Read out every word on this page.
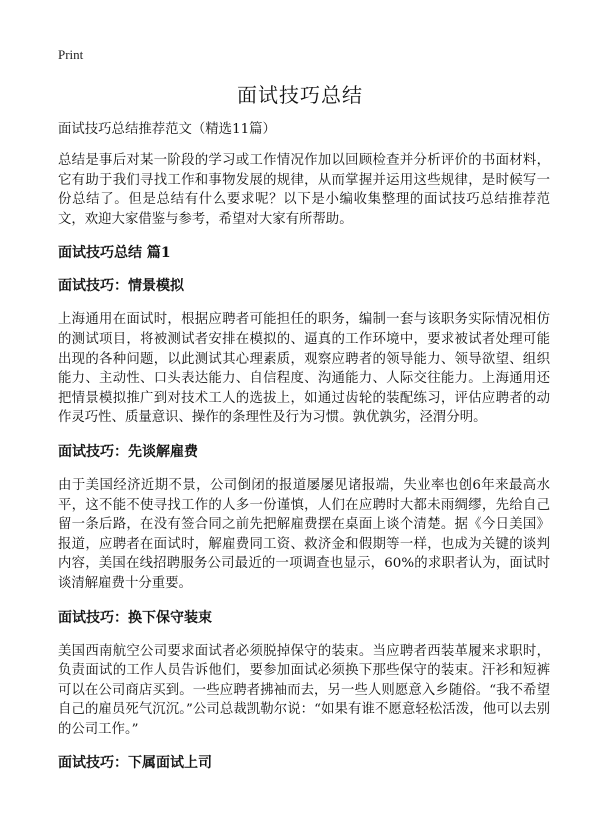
Print
面试技巧总结

面试技巧总结推荐范文（精选11篇）

总结是事后对某一阶段的学习或工作情况作加以回顾检查并分析评价的书面材料，它有助于我们寻找工作和事物发展的规律，从而掌握并运用这些规律，是时候写一份总结了。但是总结有什么要求呢？以下是小编收集整理的面试技巧总结推荐范文，欢迎大家借鉴与参考，希望对大家有所帮助。

面试技巧总结 篇1
面试技巧：情景模拟

上海通用在面试时，根据应聘者可能担任的职务，编制一套与该职务实际情况相仿的测试项目，将被测试者安排在模拟的、逼真的工作环境中，要求被试者处理可能出现的各种问题，以此测试其心理素质，观察应聘者的领导能力、领导欲望、组织能力、主动性、口头表达能力、自信程度、沟通能力、人际交往能力。上海通用还把情景模拟推广到对技术工人的选拔上，如通过齿轮的装配练习，评估应聘者的动作灵巧性、质量意识、操作的条理性及行为习惯。孰优孰劣，泾渭分明。

面试技巧：先谈解雇费

由于美国经济近期不景，公司倒闭的报道屡屡见诸报端，失业率也创6年来最高水平，这不能不使寻找工作的人多一份谨慎，人们在应聘时大都未雨绸缪，先给自己留一条后路，在没有签合同之前先把解雇费摆在桌面上谈个清楚。据《今日美国》报道，应聘者在面试时，解雇费同工资、救济金和假期等一样，也成为关键的谈判内容，美国在线招聘服务公司最近的一项调查也显示，60%的求职者认为，面试时谈清解雇费十分重要。

面试技巧：换下保守装束

美国西南航空公司要求面试者必须脱掉保守的装束。当应聘者西装革履来求职时，负责面试的工作人员告诉他们，要参加面试必须换下那些保守的装束。汗衫和短裤可以在公司商店买到。一些应聘者拂袖而去，另一些人则愿意入乡随俗。“我不希望自己的雇员死气沉沉。”公司总裁凯勒尔说：“如果有谁不愿意轻松活泼，他可以去别的公司工作。”

面试技巧：下属面试上司
